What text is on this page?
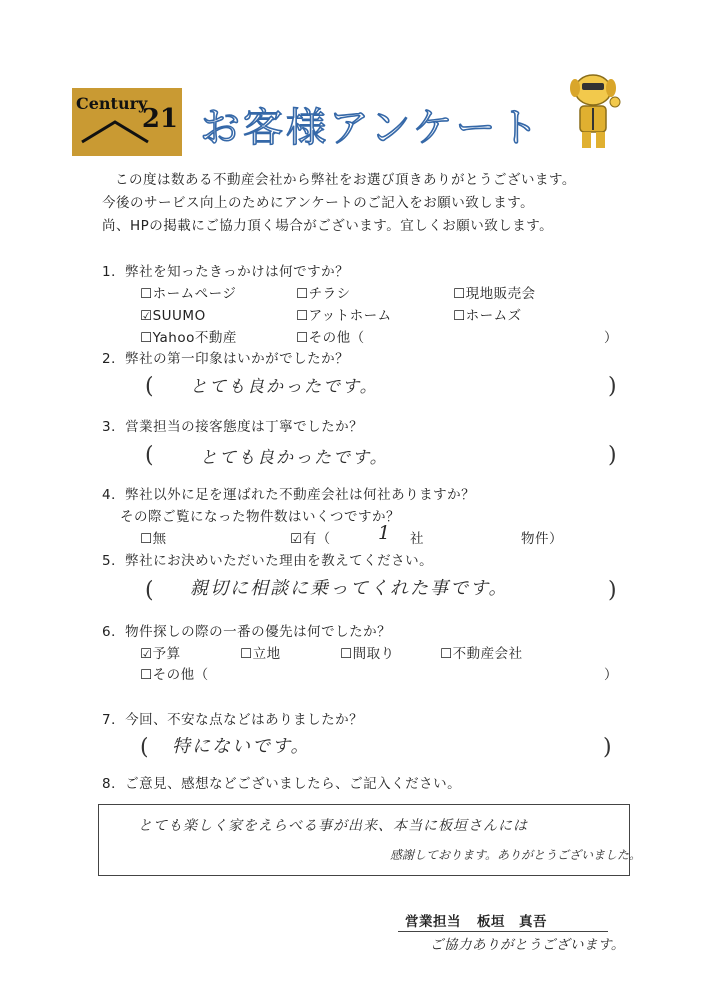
Century
21 お客様アンケート
この度は数ある不動産会社から弊社をお選び頂きありがとうございます。
今後のサービス向上のためにアンケートのご記入をお願い致します。
尚、HPの掲載にご協力頂く場合がございます。宜しくお願い致します。
1．弊社を知ったきっかけは何ですか？
☐ホームページ	☐チラシ	☐現地販売会
☑SUUMO	☐アットホーム	☐ホームズ
☐Yahoo不動産	☐その他（	）
2．弊社の第一印象はいかがでしたか？
( とても良かったです。	)
3．営業担当の接客態度は丁寧でしたか？
(	とても良かったです。	)
4．弊社以外に足を運ばれた不動産会社は何社ありますか？
その際ご覧になった物件数はいくつですか？
☐無	☑有（ 1 社	物件）
5．弊社にお決めいただいた理由を教えてください。
( 親切に相談に乗ってくれた事です。	)
6．物件探しの際の一番の優先は何でしたか？
☑予算	☐立地	☐間取り	☐不動産会社
☐その他（	）
7．今回、不安な点などはありましたか？
( 特にないです。	)
8．ご意見、感想などございましたら、ご記入ください。
とても楽しく家をえらべる事が出来、本当に板垣さんには
感謝しております。ありがとうございました。
営業担当 板垣　真吾
ご協力ありがとうございます。
